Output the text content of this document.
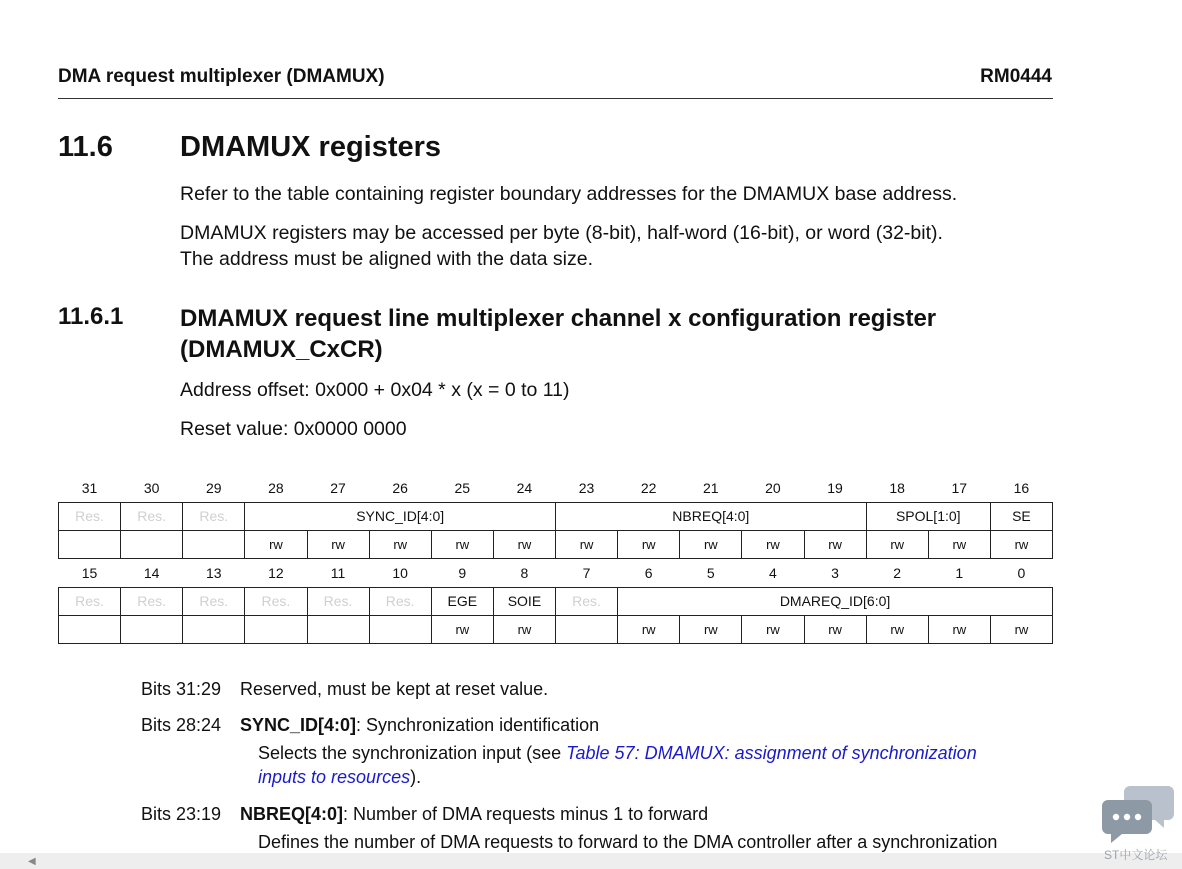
DMA request multiplexer (DMAMUX)	RM0444
11.6 DMAMUX registers
Refer to the table containing register boundary addresses for the DMAMUX base address.
DMAMUX registers may be accessed per byte (8-bit), half-word (16-bit), or word (32-bit).
The address must be aligned with the data size.
11.6.1 DMAMUX request line multiplexer channel x configuration register
(DMAMUX_CxCR)
Address offset: 0x000 + 0x04 * x (x = 0 to 11)
Reset value: 0x0000 0000
31	30	29	28	27	26	25	24	23	22	21	20	19	18	17	16
Res.	Res.	Res.	SYNC_ID[4:0]					NBREQ[4:0]					SPOL[1:0]		SE
			rw	rw	rw	rw	rw	rw	rw	rw	rw	rw	rw	rw	rw
15	14	13	12	11	10	9	8	7	6	5	4	3	2	1	0
Res.	Res.	Res.	Res.	Res.	Res.	EGE	SOIE	Res.	DMAREQ_ID[6:0]						
						rw	rw		rw	rw	rw	rw	rw	rw	rw
Bits 31:29 Reserved, must be kept at reset value.
Bits 28:24 SYNC_ID[4:0]: Synchronization identification
Selects the synchronization input (see Table 57: DMAMUX: assignment of synchronization
inputs to resources).
Bits 23:19 NBREQ[4:0]: Number of DMA requests minus 1 to forward
Defines the number of DMA requests to forward to the DMA controller after a synchronization
◀	ST中文论坛
